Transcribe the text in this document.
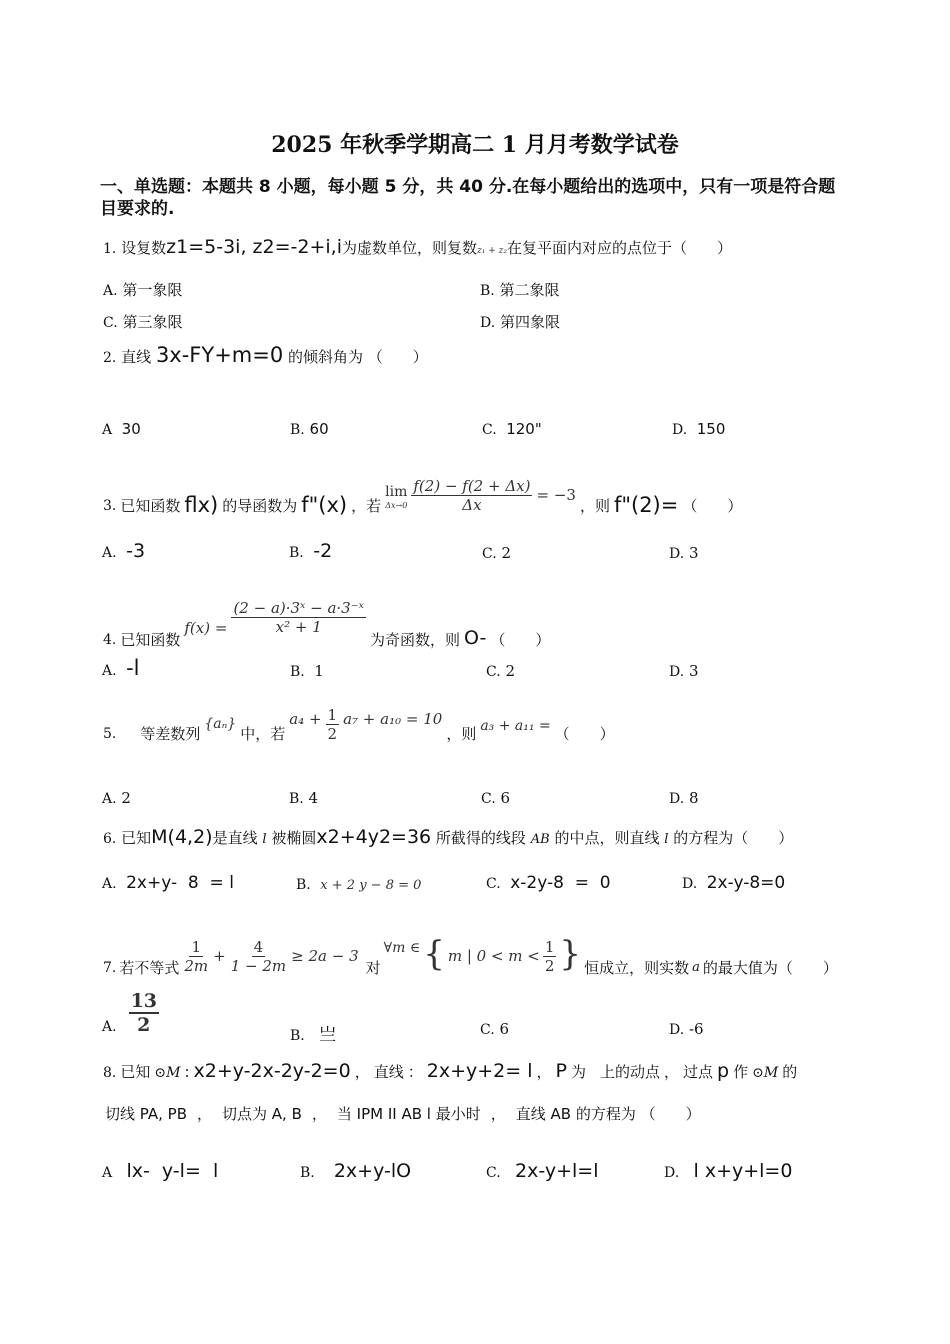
2025 年秋季学期高二 1 月月考数学试卷
一、单选题：本题共 8 小题，每小题 5 分，共 40 分.在每小题给出的选项中，只有一项是符合题目要求的.
1. 设复数z1=5-3i, z2=-2+i,i为虚数单位，则复数z₁ + z₂在复平面内对应的点位于（　　）
A. 第一象限	B. 第二象限
C. 第三象限	D. 第四象限
2. 直线 3x-FY+m=0 的倾斜角为 （　　）
A 30	B. 60	C. 120"	D. 150
3. 已知函数 flx) 的导函数为 f"(x) ，若
lim
$\Delta x\to 0 \frac{f(2) - f(2 + \Delta x)}{\Delta x} = -3$
，则 f"(2)= （　　）
A. -3	B. -2	C. 2	D. 3
4. 已知函数
$f(x) = \frac{\text{(2 − a)·3ˣ − a·3⁻ˣ}}{\text{x² + 1}}$
为奇函数，则 O- （　　）
A. -l	B. 1	C. 2	D. 3
5. 等差数列
{aₙ}
中，若
$a_4 + \frac{1}{2} a_7 + a_{10} = 10$
，则 a₃ + a₁₁ = （　　）
A. 2	B. 4	C. 6	D. 8
6. 已知M(4,2)是直线 l 被椭圆x2+4y2=36 所截得的线段 AB 的中点，则直线 l 的方程为（　　）
A. 2x+y-  8  = l	B. x + 2 y − 8 = 0	C. x-2y-8  =  0	D. 2x-y-8=0
7. 若不等式 $\frac{1}{2m} + \frac{4}{1 - 2m} \ge 2a - 3$
对
∀m ∈ { m | $0 < m < \frac{1}{2}$ } 恒成立，则实数 a 的最大值为（　　）
A. $\frac{13}{2}$	B. 亗	C. 6	D. -6
8. 已知 ⊙M : x2+y-2x-2y-2=0 ， 直线 ： 2x+y+2= l ， P 为 上的动点 ， 过点 p 作 ⊙M 的
切线 PA, PB ， 切点为 A, B ， 当 IPM II AB l 最小时 ， 直线 AB 的方程为 （　　）
A lx-  y-l=  l	B. 2x+y-lO	C. 2x-y+l=l	D. l x+y+l=0
